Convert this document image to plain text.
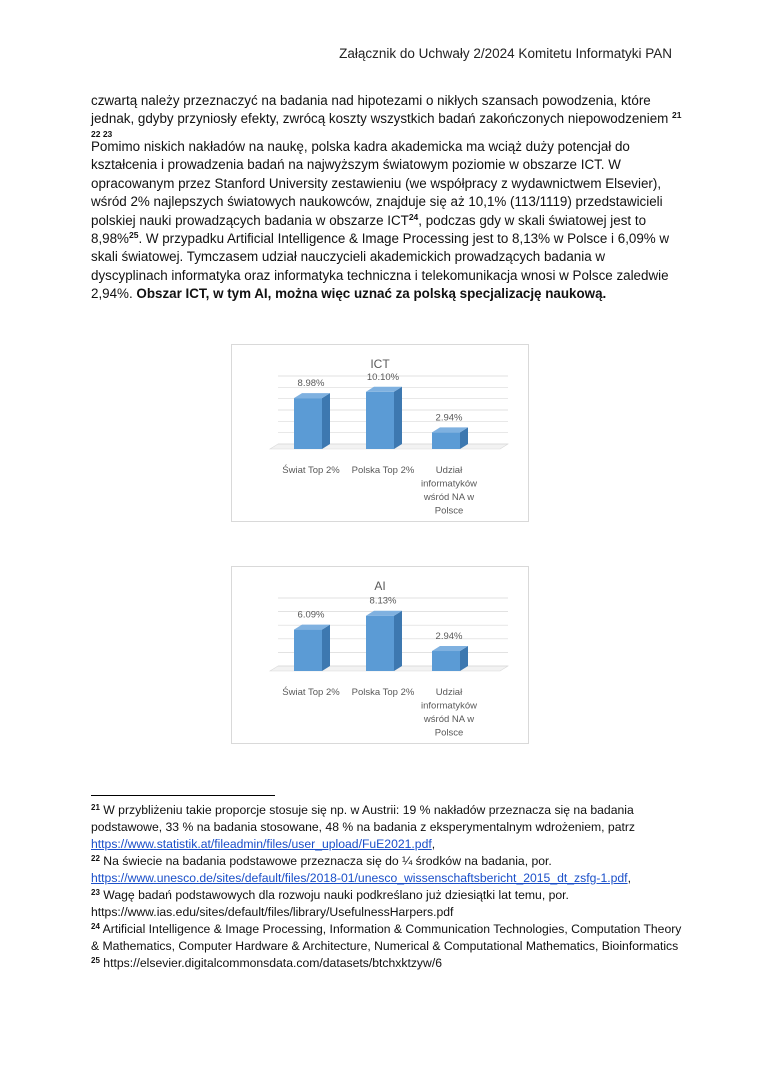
Załącznik do Uchwały 2/2024 Komitetu Informatyki PAN

czwartą należy przeznaczyć na badania nad hipotezami o nikłych szansach powodzenia, które jednak, gdyby przyniosły efekty, zwrócą koszty wszystkich badań zakończonych niepowodzeniem $^{21 22 23}$

Pomimo niskich nakładów na naukę, polska kadra akademicka ma wciąż duży potencjał do kształcenia i prowadzenia badań na najwyższym światowym poziomie w obszarze ICT. W opracowanym przez Stanford University zestawieniu (we współpracy z wydawnictwem Elsevier), wśród 2% najlepszych światowych naukowców, znajduje się aż 10,1% (113/1119) przedstawicieli polskiej nauki prowadzących badania w obszarze ICT$^{24}$, podczas gdy w skali światowej jest to 8,98%$^{25}$. W przypadku Artificial Intelligence & Image Processing jest to 8,13% w Polsce i 6,09% w skali światowej. Tymczasem udział nauczycieli akademickich prowadzących badania w dyscyplinach informatyka oraz informatyka techniczna i telekomunikacja wnosi w Polsce zaledwie 2,94%. Obszar ICT, w tym AI, można więc uznać za polską specjalizację naukową.

ICT
8.98%
Świat Top 2%
10.10%
Polska Top 2%
2.94%
Udział informatyków wśród NA w Polsce
AI
6.09%
Świat Top 2%
8.13%
Polska Top 2%
2.94%
Udział informatyków wśród NA w Polsce

$^{21}$ W przybliżeniu takie proporcje stosuje się np. w Austrii: 19 % nakładów przeznacza się na badania podstawowe, 33 % na badania stosowane, 48 % na badania z eksperymentalnym wdrożeniem, patrz https://www.statistik.at/fileadmin/files/user_upload/FuE2021.pdf,

$^{22}$ Na świecie na badania podstawowe przeznacza się do ¼ środków na badania, por. https://www.unesco.de/sites/default/files/2018-01/unesco_wissenschaftsbericht_2015_dt_zsfg-1.pdf,

$^{23}$ Wagę badań podstawowych dla rozwoju nauki podkreślano już dziesiątki lat temu, por. https://www.ias.edu/sites/default/files/library/UsefulnessHarpers.pdf

$^{24}$ Artificial Intelligence & Image Processing, Information & Communication Technologies, Computation Theory & Mathematics, Computer Hardware & Architecture, Numerical & Computational Mathematics, Bioinformatics

$^{25}$ https://elsevier.digitalcommonsdata.com/datasets/btchxktzyw/6
